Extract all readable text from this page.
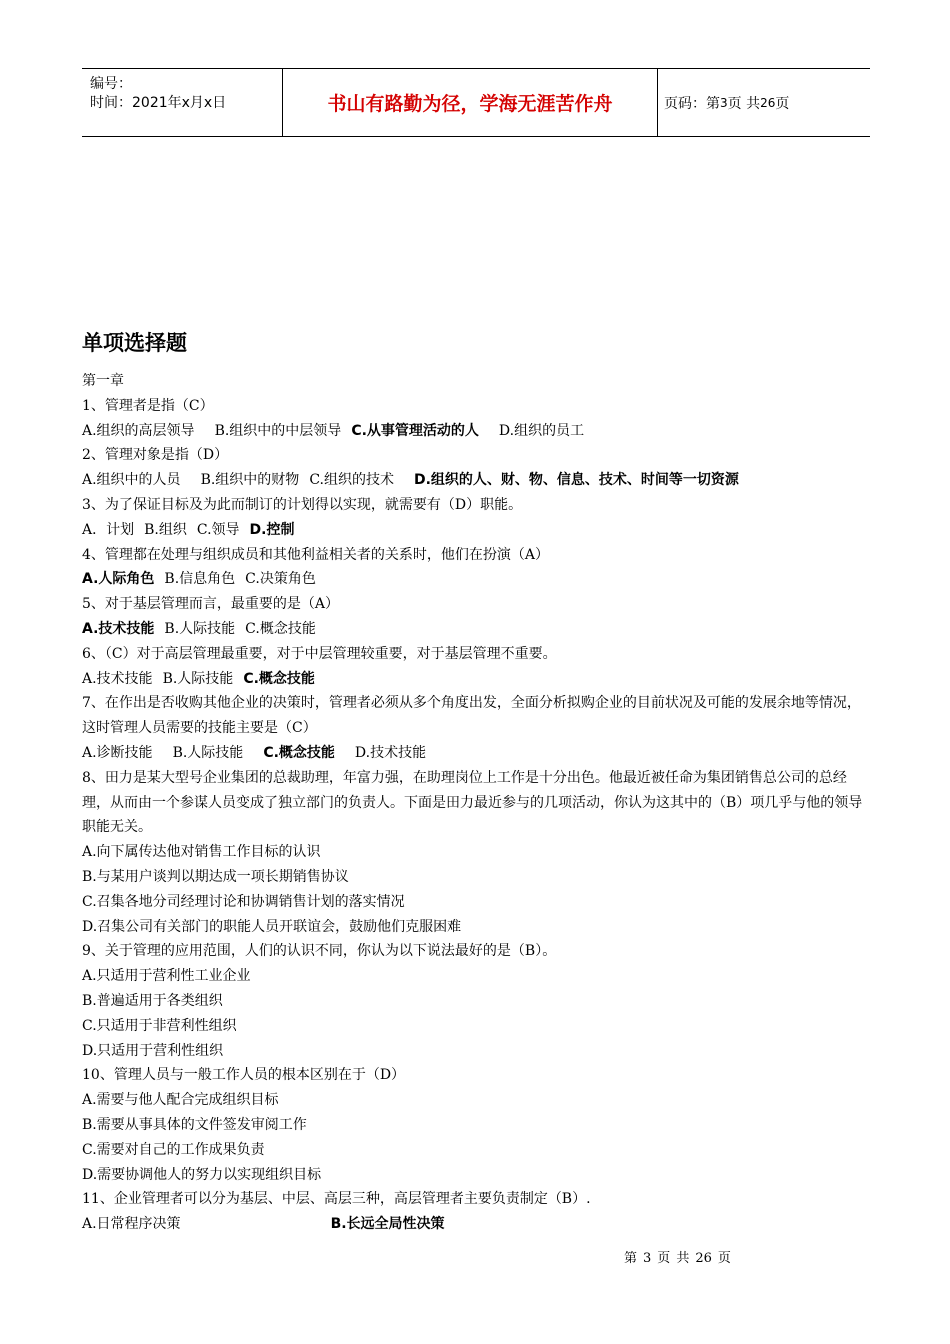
编号：
时间：2021年x月x日	书山有路勤为径，学海无涯苦作舟	页码：第 3 页 共 26 页
单项选择题
第一章
1、管理者是指（C）
A.组织的高层领导 B.组织中的中层领导 C.从事管理活动的人 D.组织的员工
2、管理对象是指（D）
A.组织中的人员 B.组织中的财物 C.组织的技术 D.组织的人、财、物、信息、技术、时间等一切资源
3、为了保证目标及为此而制订的计划得以实现，就需要有（D）职能。
A．计划 B.组织 C.领导 D.控制
4、管理都在处理与组织成员和其他利益相关者的关系时，他们在扮演（A）
A.人际角色 B.信息角色 C.决策角色
5、对于基层管理而言，最重要的是（A）
A.技术技能 B.人际技能 C.概念技能
6、（C）对于高层管理最重要，对于中层管理较重要，对于基层管理不重要。
A.技术技能 B.人际技能 C.概念技能
7、在作出是否收购其他企业的决策时，管理者必须从多个角度出发，全面分析拟购企业的目前状况及可能的发展余地等情况，这时管理人员需要的技能主要是（C）
A.诊断技能 B.人际技能 C.概念技能 D.技术技能
8、田力是某大型号企业集团的总裁助理，年富力强，在助理岗位上工作是十分出色。他最近被任命为集团销售总公司的总经理，从而由一个参谋人员变成了独立部门的负责人。下面是田力最近参与的几项活动，你认为这其中的（B）项几乎与他的领导职能无关。
A.向下属传达他对销售工作目标的认识
B.与某用户谈判以期达成一项长期销售协议
C.召集各地分司经理讨论和协调销售计划的落实情况
D.召集公司有关部门的职能人员开联谊会，鼓励他们克服困难
9、关于管理的应用范围，人们的认识不同，你认为以下说法最好的是（B）。
A.只适用于营利性工业企业
B.普遍适用于各类组织
C.只适用于非营利性组织
D.只适用于营利性组织
10、管理人员与一般工作人员的根本区别在于（D）
A.需要与他人配合完成组织目标
B.需要从事具体的文件签发审阅工作
C.需要对自己的工作成果负责
D.需要协调他人的努力以实现组织目标
11、企业管理者可以分为基层、中层、高层三种，高层管理者主要负责制定（B）.
A.日常程序决策	B.长远全局性决策
第 3 页 共 26 页
